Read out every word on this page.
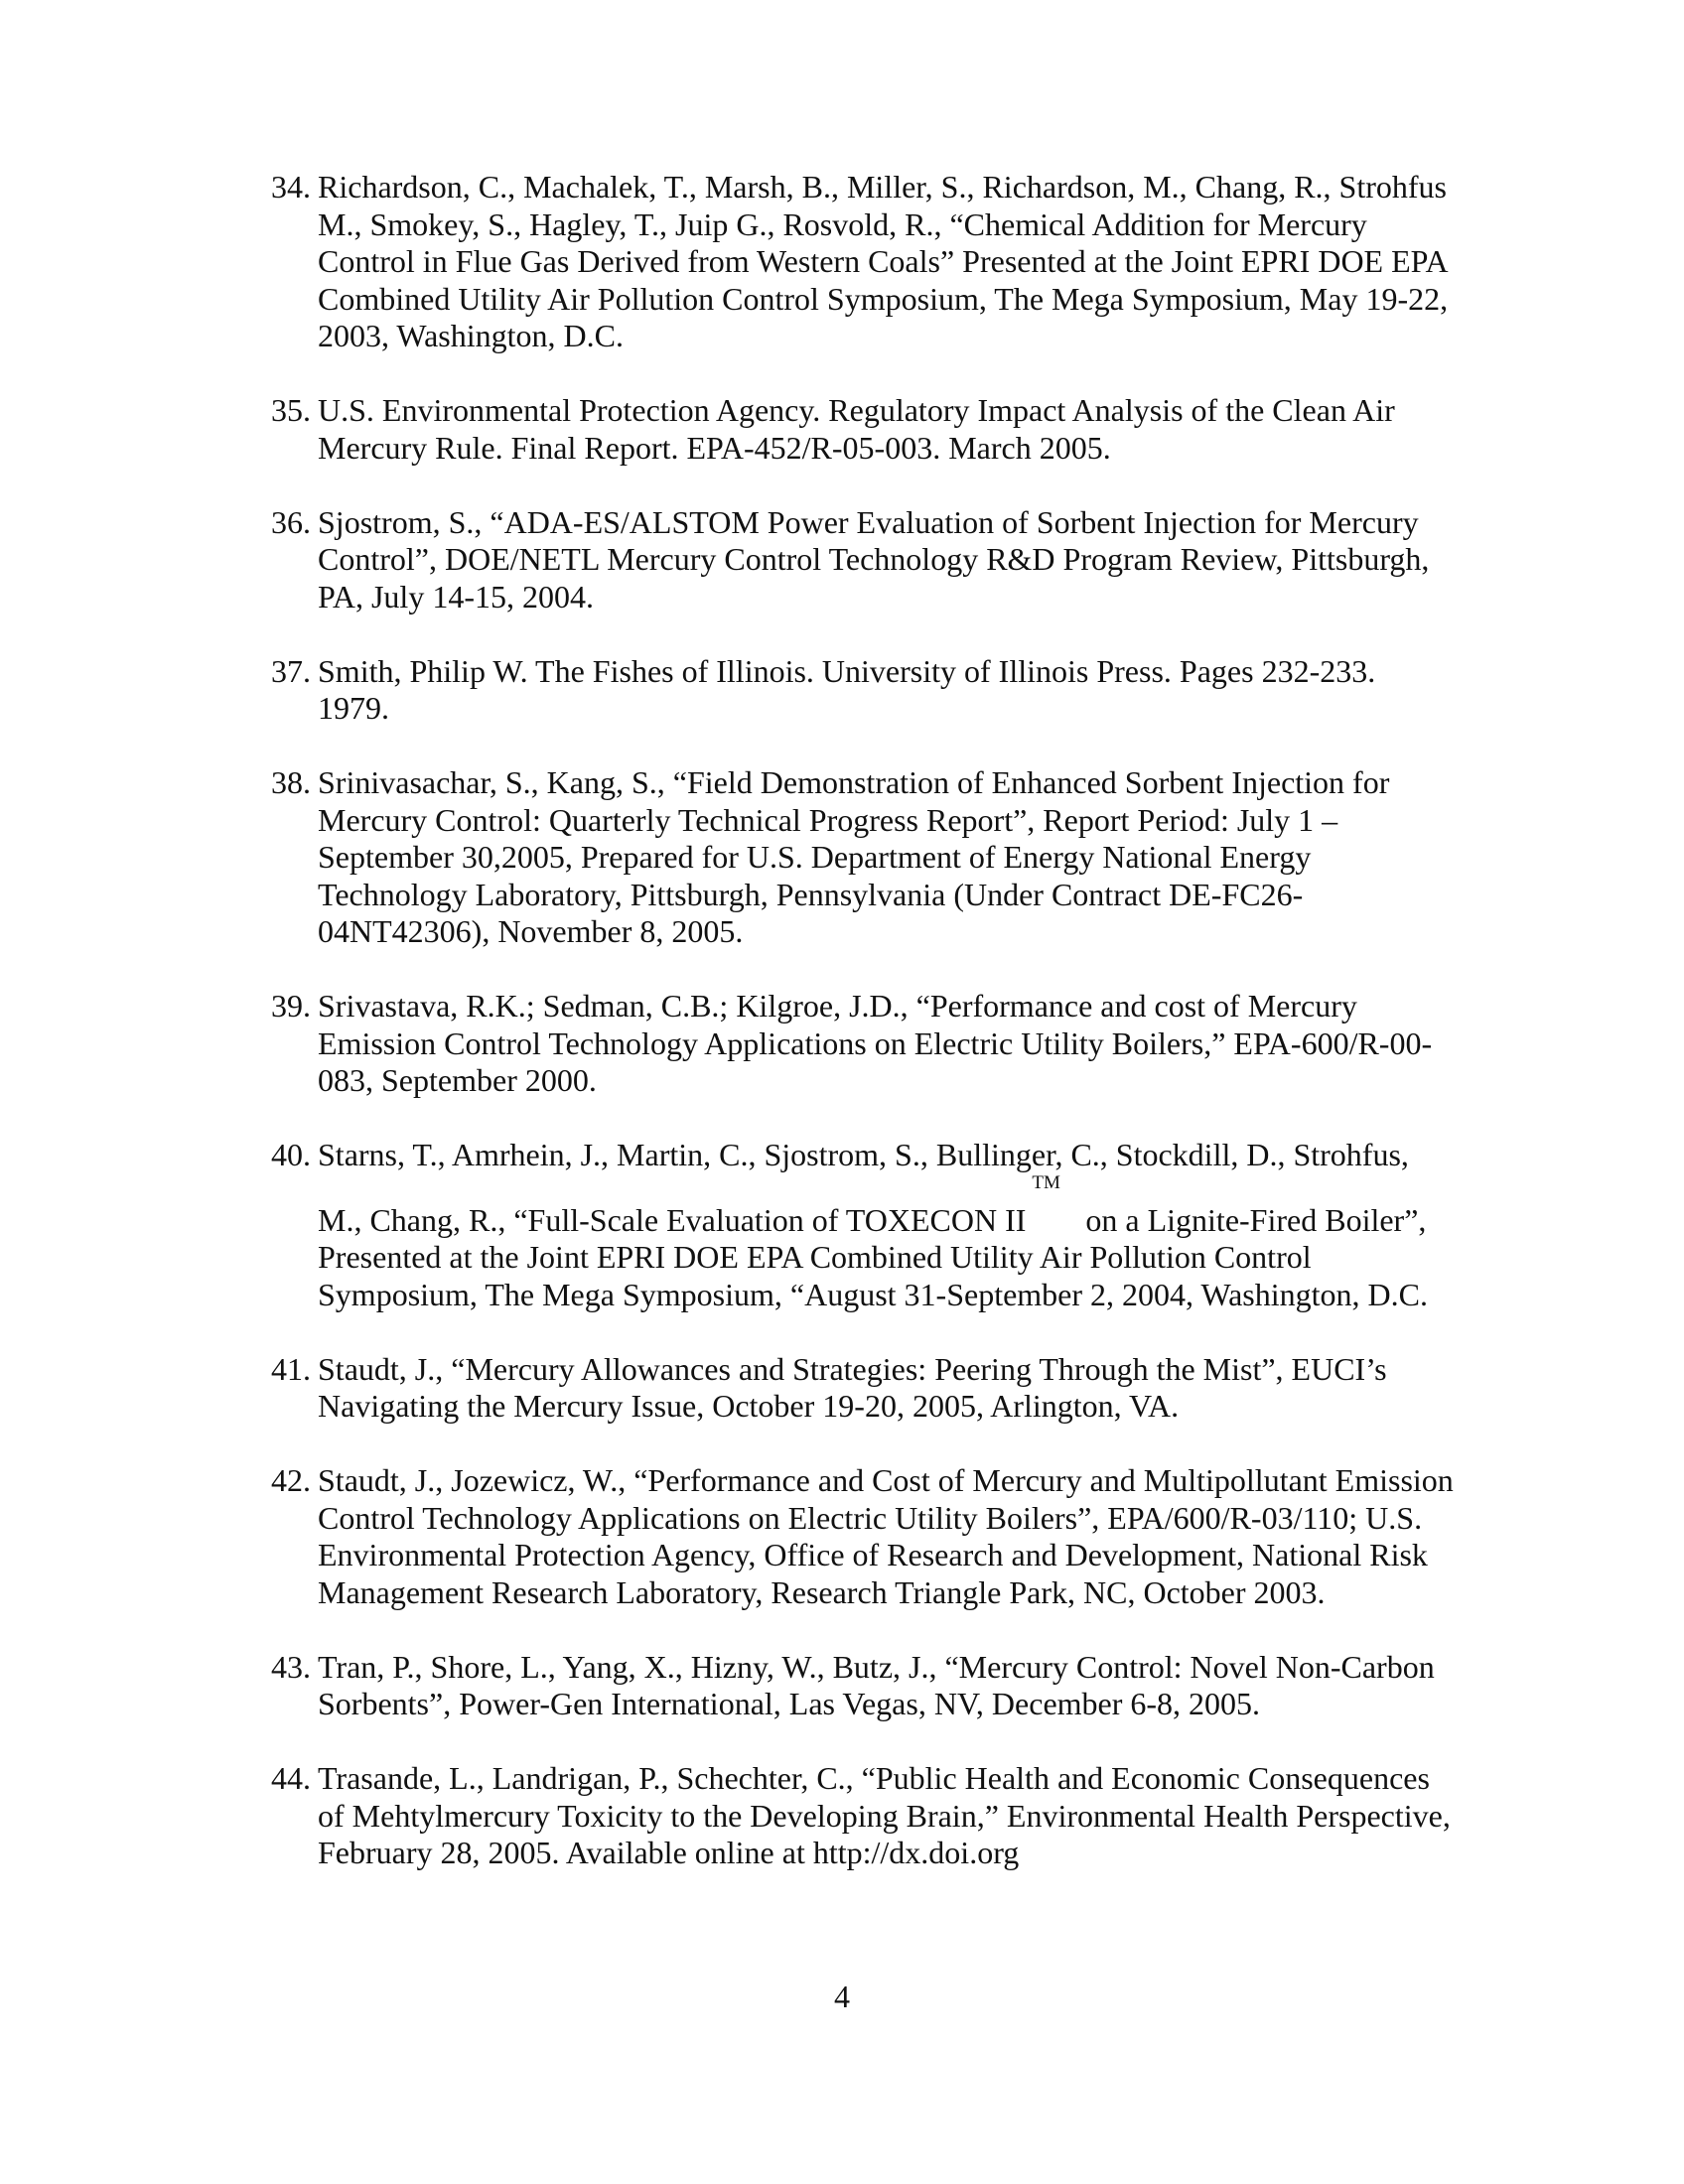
34. Richardson, C., Machalek, T., Marsh, B., Miller, S., Richardson, M., Chang, R., Strohfus
M., Smokey, S., Hagley, T., Juip G., Rosvold, R., “Chemical Addition for Mercury
Control in Flue Gas Derived from Western Coals” Presented at the Joint EPRI DOE EPA
Combined Utility Air Pollution Control Symposium, The Mega Symposium, May 19-22,
2003, Washington, D.C.
35. U.S. Environmental Protection Agency. Regulatory Impact Analysis of the Clean Air
Mercury Rule. Final Report. EPA-452/R-05-003. March 2005.
36. Sjostrom, S., “ADA-ES/ALSTOM Power Evaluation of Sorbent Injection for Mercury
Control”, DOE/NETL Mercury Control Technology R&D Program Review, Pittsburgh,
PA, July 14-15, 2004.
37. Smith, Philip W. The Fishes of Illinois. University of Illinois Press. Pages 232-233.
1979.
38. Srinivasachar, S., Kang, S., “Field Demonstration of Enhanced Sorbent Injection for
Mercury Control: Quarterly Technical Progress Report”, Report Period: July 1 –
September 30,2005, Prepared for U.S. Department of Energy National Energy
Technology Laboratory, Pittsburgh, Pennsylvania (Under Contract DE-FC26-
04NT42306), November 8, 2005.
39. Srivastava, R.K.; Sedman, C.B.; Kilgroe, J.D., “Performance and cost of Mercury
Emission Control Technology Applications on Electric Utility Boilers,” EPA-600/R-00-
083, September 2000.
40. Starns, T., Amrhein, J., Martin, C., Sjostrom, S., Bullinger, C., Stockdill, D., Strohfus,
M., Chang, R., “Full-Scale Evaluation of TOXECON II
TM
on a Lignite-Fired Boiler”,
Presented at the Joint EPRI DOE EPA Combined Utility Air Pollution Control
Symposium, The Mega Symposium, “August 31-September 2, 2004, Washington, D.C.
41. Staudt, J., “Mercury Allowances and Strategies: Peering Through the Mist”, EUCI’s
Navigating the Mercury Issue, October 19-20, 2005, Arlington, VA.
42. Staudt, J., Jozewicz, W., “Performance and Cost of Mercury and Multipollutant Emission
Control Technology Applications on Electric Utility Boilers”, EPA/600/R-03/110; U.S.
Environmental Protection Agency, Office of Research and Development, National Risk
Management Research Laboratory, Research Triangle Park, NC, October 2003.
43. Tran, P., Shore, L., Yang, X., Hizny, W., Butz, J., “Mercury Control: Novel Non-Carbon
Sorbents”, Power-Gen International, Las Vegas, NV, December 6-8, 2005.
44. Trasande, L., Landrigan, P., Schechter, C., “Public Health and Economic Consequences
of Mehtylmercury Toxicity to the Developing Brain,” Environmental Health Perspective,
February 28, 2005. Available online at http://dx.doi.org
4
